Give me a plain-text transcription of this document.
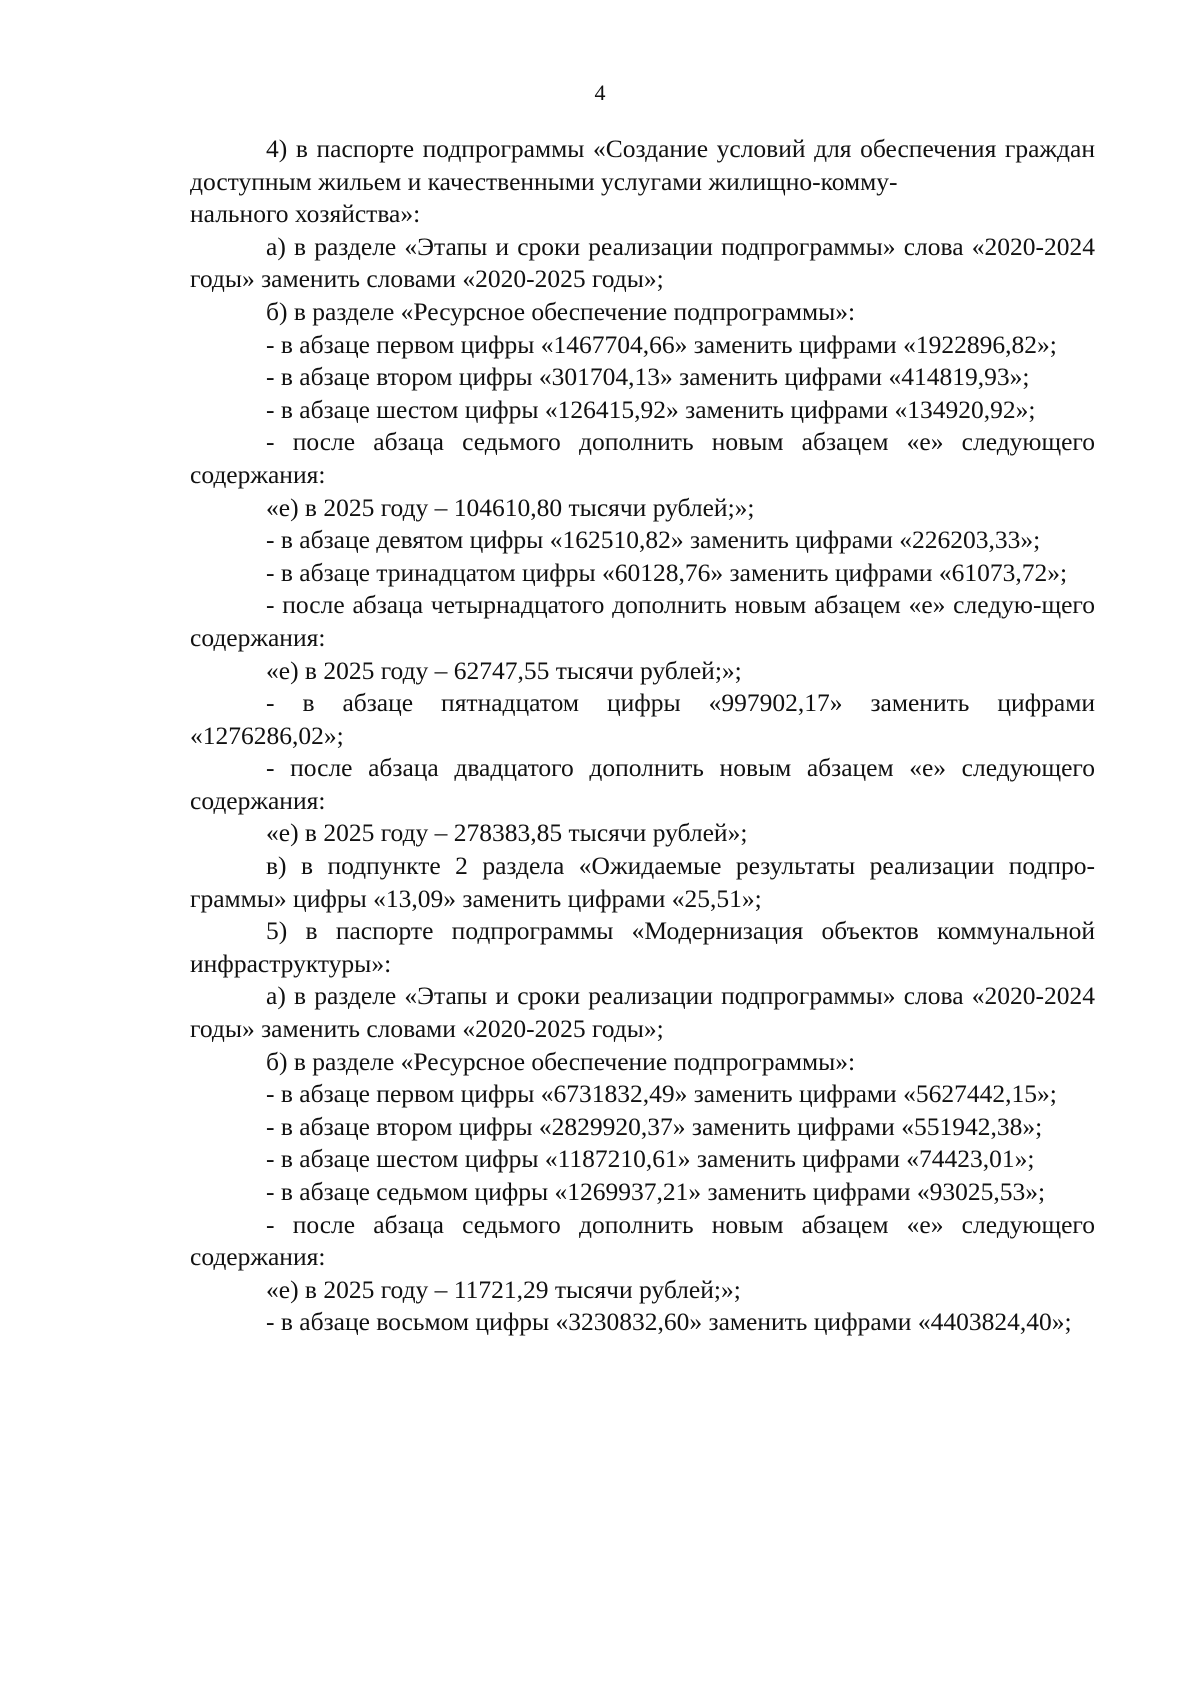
4

4) в паспорте подпрограммы «Создание условий для обеспечения граждан доступным жильем и качественными услугами жилищно-комму-

нального хозяйства»:

а) в разделе «Этапы и сроки реализации подпрограммы» слова «2020-2024 годы» заменить словами «2020-2025 годы»;

б) в разделе «Ресурсное обеспечение подпрограммы»:

- в абзаце первом цифры «1467704,66» заменить цифрами «1922896,82»;

- в абзаце втором цифры «301704,13» заменить цифрами «414819,93»;

- в абзаце шестом цифры «126415,92» заменить цифрами «134920,92»;

- после абзаца седьмого дополнить новым абзацем «е» следующего содержания:

«е) в 2025 году – 104610,80 тысячи рублей;»;

- в абзаце девятом цифры «162510,82» заменить цифрами «226203,33»;

- в абзаце тринадцатом цифры «60128,76» заменить цифрами «61073,72»;

- после абзаца четырнадцатого дополнить новым абзацем «е» следую-щего содержания:

«е) в 2025 году – 62747,55 тысячи рублей;»;

- в абзаце пятнадцатом цифры «997902,17» заменить цифрами «1276286,02»;

- после абзаца двадцатого дополнить новым абзацем «е» следующего содержания:

«е) в 2025 году – 278383,85 тысячи рублей»;

в) в подпункте 2 раздела «Ожидаемые результаты реализации подпро-граммы» цифры «13,09» заменить цифрами «25,51»;

5) в паспорте подпрограммы «Модернизация объектов коммунальной инфраструктуры»:

а) в разделе «Этапы и сроки реализации подпрограммы» слова «2020-2024 годы» заменить словами «2020-2025 годы»;

б) в разделе «Ресурсное обеспечение подпрограммы»:

- в абзаце первом цифры «6731832,49» заменить цифрами «5627442,15»;

- в абзаце втором цифры «2829920,37» заменить цифрами «551942,38»;

- в абзаце шестом цифры «1187210,61» заменить цифрами «74423,01»;

- в абзаце седьмом цифры «1269937,21» заменить цифрами «93025,53»;

- после абзаца седьмого дополнить новым абзацем «е» следующего содержания:

«е) в 2025 году – 11721,29 тысячи рублей;»;

- в абзаце восьмом цифры «3230832,60» заменить цифрами «4403824,40»;
